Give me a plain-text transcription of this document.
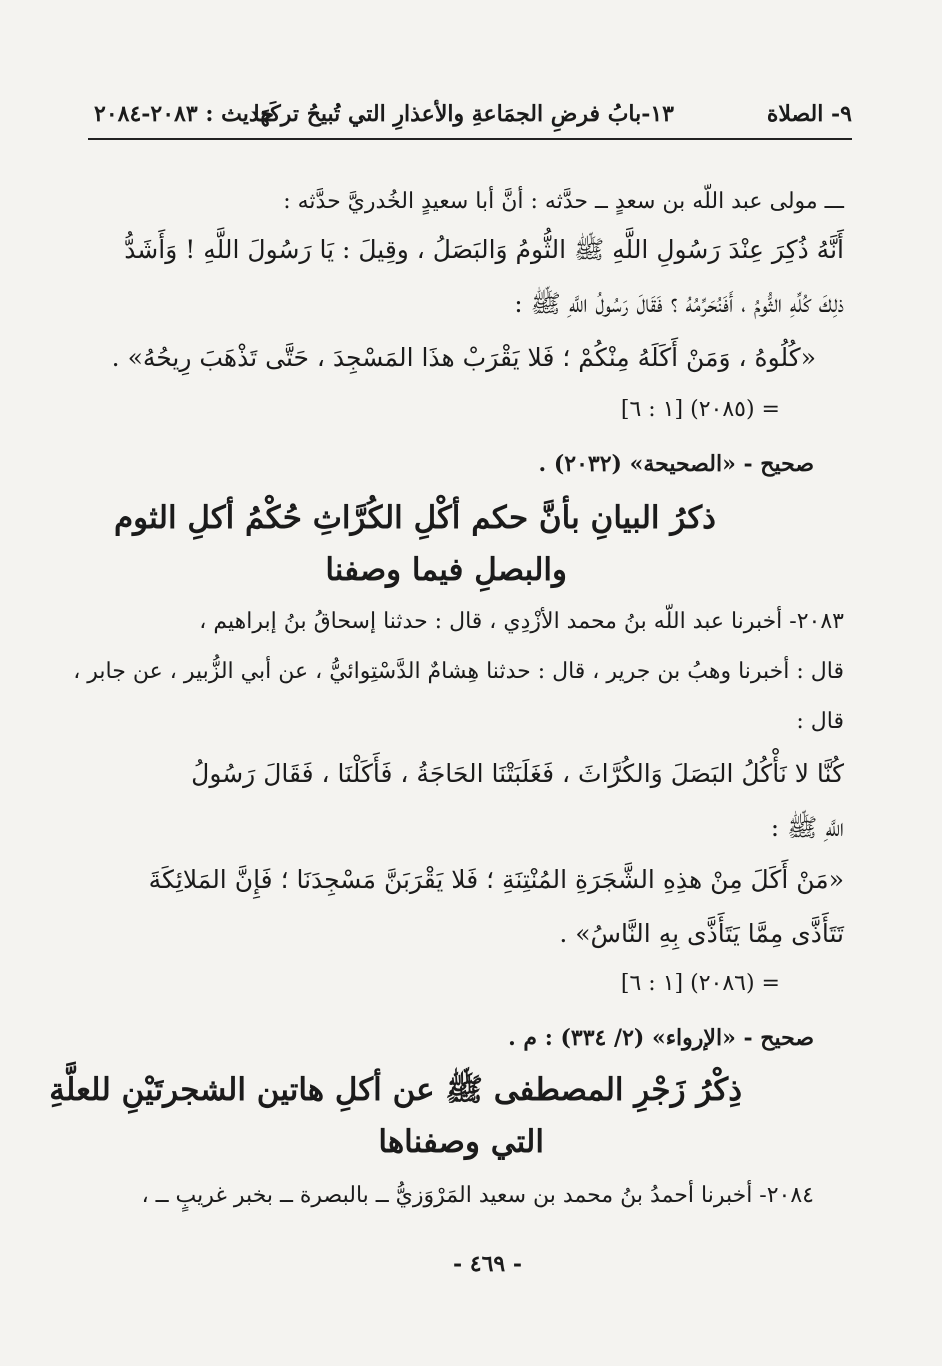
٩- الصلاة
١٣-بابُ فرضِ الجمَاعةِ والأعذارِ التي تُبيحُ تركَهَا
حديث : ٢٠٨٣-٢٠٨٤
ـــ مولى عبد اللّه بن سعدٍ ــ حدَّثه : أنَّ أبا سعيدٍ الخُدريَّ حدَّثه :
أَنَّهُ ذُكِرَ عِنْدَ رَسُولِ اللَّهِ ﷺ الثُّومُ وَالبَصَلُ ، وقِيلَ : يَا رَسُولَ اللَّهِ ! وَأَشَدُّ
ذلِكَ كُلِّهِ الثُّومُ ، أَفَنُحَرِّمُهُ ؟ فَقَالَ رَسُولُ اللَّهِ ﷺ :
«كُلُوهُ ، وَمَنْ أَكَلَهُ مِنْكُمْ ؛ فَلا يَقْرَبْ هذَا المَسْجِدَ ، حَتَّى تَذْهَبَ رِيحُهُ» .
= (٢٠٨٥) [١ : ٦]
صحيح - «الصحيحة» (٢٠٣٢) .
ذكرُ البيانِ بأنَّ حكم أكْلِ الكُرَّاثِ حُكْمُ أكلِ الثوم
والبصلِ فيما وصفنا
٢٠٨٣- أخبرنا عبد اللّه بنُ محمد الأزْدِي ، قال : حدثنا إسحاقُ بنُ إبراهيم ،
قال : أخبرنا وهبُ بن جرير ، قال : حدثنا هِشامٌ الدَّسْتِوائيُّ ، عن أبي الزُّبير ، عن جابر ،
قال :
كُنَّا لا نَأْكُلُ البَصَلَ وَالكُرَّاثَ ، فَغَلَبَتْنَا الحَاجَةُ ، فَأَكَلْنَا ، فَقَالَ رَسُولُ
اللَّهِ ﷺ :
«مَنْ أَكَلَ مِنْ هذِهِ الشَّجَرَةِ المُنْتِنَةِ ؛ فَلا يَقْرَبَنَّ مَسْجِدَنَا ؛ فَإِنَّ المَلائِكَةَ
تَتَأَذَّى مِمَّا يَتَأَذَّى بِهِ النَّاسُ» .
= (٢٠٨٦) [١ : ٦]
صحيح - «الإرواء» (٢/ ٣٣٤) : م .
ذِكْرُ زَجْرِ المصطفى ﷺ عن أكلِ هاتين الشجرتَيْنِ للعلَّةِ
التي وصفناها
٢٠٨٤- أخبرنا أحمدُ بنُ محمد بن سعيد المَرْوَزيُّ ــ بالبصرة ــ بخبر غريبٍ ــ ،
- ٤٦٩ -
